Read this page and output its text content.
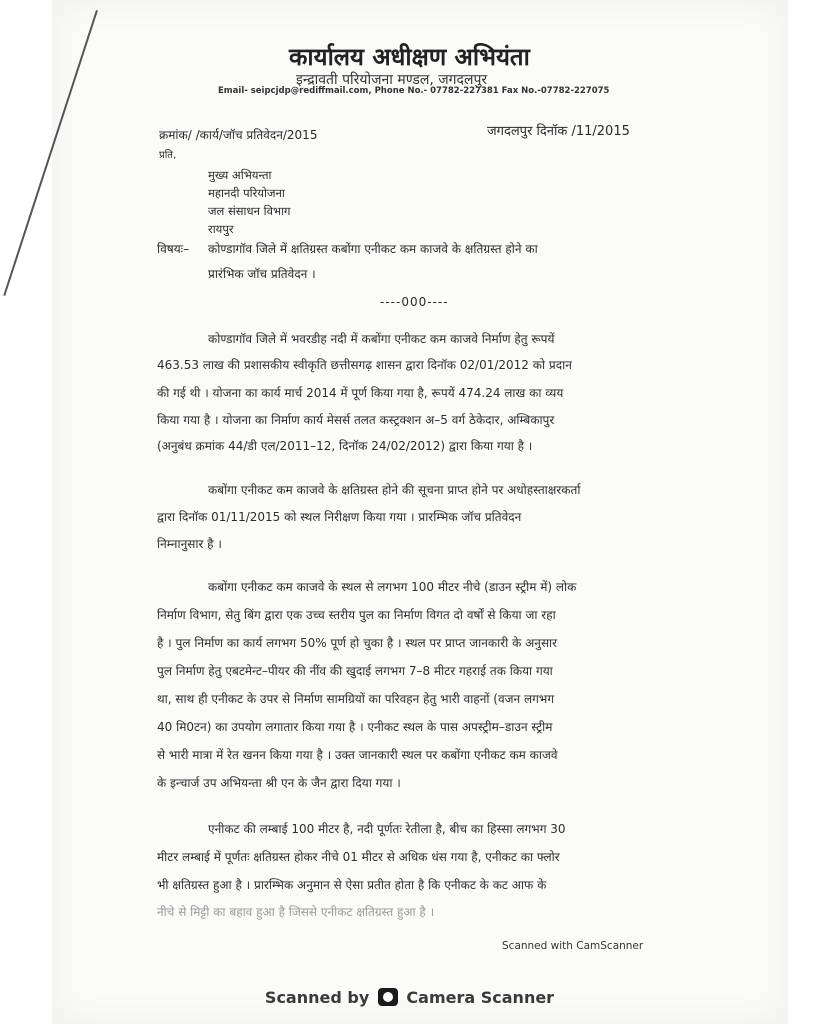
कार्यालय अधीक्षण अभियंता
इन्द्रावती परियोजना मण्डल, जगदलपुर
Email- seipcjdp@rediffmail.com, Phone No.- 07782-227381 Fax No.-07782-227075
क्रमांक/ /कार्य/जॉच प्रतिवेदन/2015	जगदलपुर दिनॉक /11/2015
प्रति,
मुख्य अभियन्ता
महानदी परियोजना
जल संसाधन विभाग
रायपुर
विषयः– कोण्डागॉव जिले में क्षतिग्रस्त कबोंगा एनीकट कम काजवे के क्षतिग्रस्त होने का
प्रारंभिक जॉच प्रतिवेदन ।
----000----
कोण्डागॉव जिले में भवरडीह नदी में कबोंगा एनीकट कम काजवे निर्माण हेतु रूपयें
463.53 लाख की प्रशासकीय स्वीकृति छत्तीसगढ़ शासन द्वारा दिनॉक 02/01/2012 को प्रदान
की गई थी । योजना का कार्य मार्च 2014 में पूर्ण किया गया है, रूपयें 474.24 लाख का व्यय
किया गया है । योजना का निर्माण कार्य मेसर्स तलत कस्ट्रक्शन अ–5 वर्ग ठेकेदार, अम्बिकापुर
(अनुबंध क्रमांक 44/डी एल/2011–12, दिनॉक 24/02/2012) द्वारा किया गया है ।
कबोंगा एनीकट कम काजवे के क्षतिग्रस्त होने की सूचना प्राप्त होने पर अधोहस्ताक्षरकर्ता
द्वारा दिनॉक 01/11/2015 को स्थल निरीक्षण किया गया । प्रारम्भिक जॉच प्रतिवेदन
निम्नानुसार है ।
कबोंगा एनीकट कम काजवे के स्थल से लगभग 100 मीटर नीचे (डाउन स्ट्रीम में) लोक
निर्माण विभाग, सेतु बिंग द्वारा एक उच्च स्तरीय पुल का निर्माण विगत दो वर्षों से किया जा रहा
है । पुल निर्माण का कार्य लगभग 50% पूर्ण हो चुका है । स्थल पर प्राप्त जानकारी के अनुसार
पुल निर्माण हेतु एबटमेन्ट–पीयर की नींव की खुदाई लगभग 7–8 मीटर गहराई तक किया गया
था, साथ ही एनीकट के उपर से निर्माण सामग्रियों का परिवहन हेतु भारी वाहनों (वजन लगभग
40 मि0टन) का उपयोग लगातार किया गया है । एनीकट स्थल के पास अपस्ट्रीम–डाउन स्ट्रीम
से भारी मात्रा में रेत खनन किया गया है । उक्त जानकारी स्थल पर कबोंगा एनीकट कम काजवे
के इन्चार्ज उप अभियन्ता श्री एन के जैन द्वारा दिया गया ।
एनीकट की लम्बाई 100 मीटर है, नदी पूर्णतः रेतीला है, बीच का हिस्सा लगभग 30
मीटर लम्बाई में पूर्णतः क्षतिग्रस्त होकर नीचे 01 मीटर से अधिक धंस गया है, एनीकट का फ्लोर
भी क्षतिग्रस्त हुआ है । प्रारम्भिक अनुमान से ऐसा प्रतीत होता है कि एनीकट के कट आफ के
नीचे से मिट्टी का बहाव हुआ है जिससे एनीकट क्षतिग्रस्त हुआ है ।
Scanned with CamScanner
Scanned by Camera Scanner
